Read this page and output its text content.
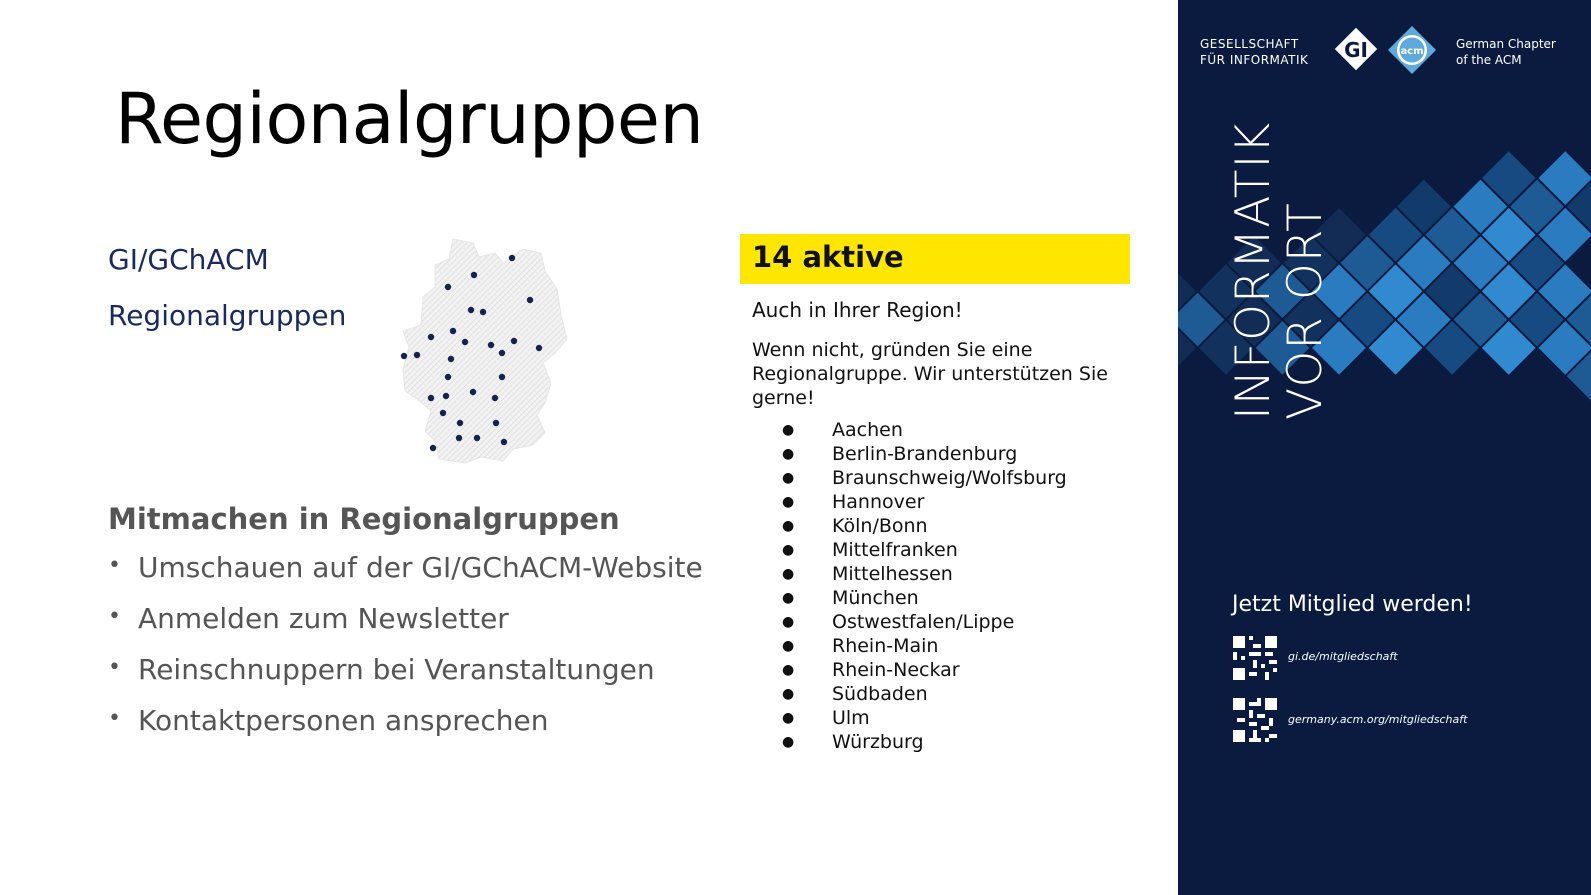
Regionalgruppen
GI/GChACM
Regionalgruppen
Mitmachen in Regionalgruppen
• Umschauen auf der GI/GChACM-Website
• Anmelden zum Newsletter
• Reinschnuppern bei Veranstaltungen
• Kontaktpersonen ansprechen
14 aktive

Auch in Ihrer Region!

Wenn nicht, gründen Sie eine Regionalgruppe. Wir unterstützen Sie gerne!

● Aachen
● Berlin-Brandenburg
● Braunschweig/Wolfsburg
● Hannover
● Köln/Bonn
● Mittelfranken
● Mittelhessen
● München
● Ostwestfalen/Lippe
● Rhein-Main
● Rhein-Neckar
● Südbaden
● Ulm
● Würzburg
GESELLSCHAFT
FÜR INFORMATIK GI	acm
German Chapter
of the ACM
INFORMATIK
VOR ORT
Jetzt Mitglied werden!
gi.de/mitgliedschaft
germany.acm.org/mitgliedschaft
